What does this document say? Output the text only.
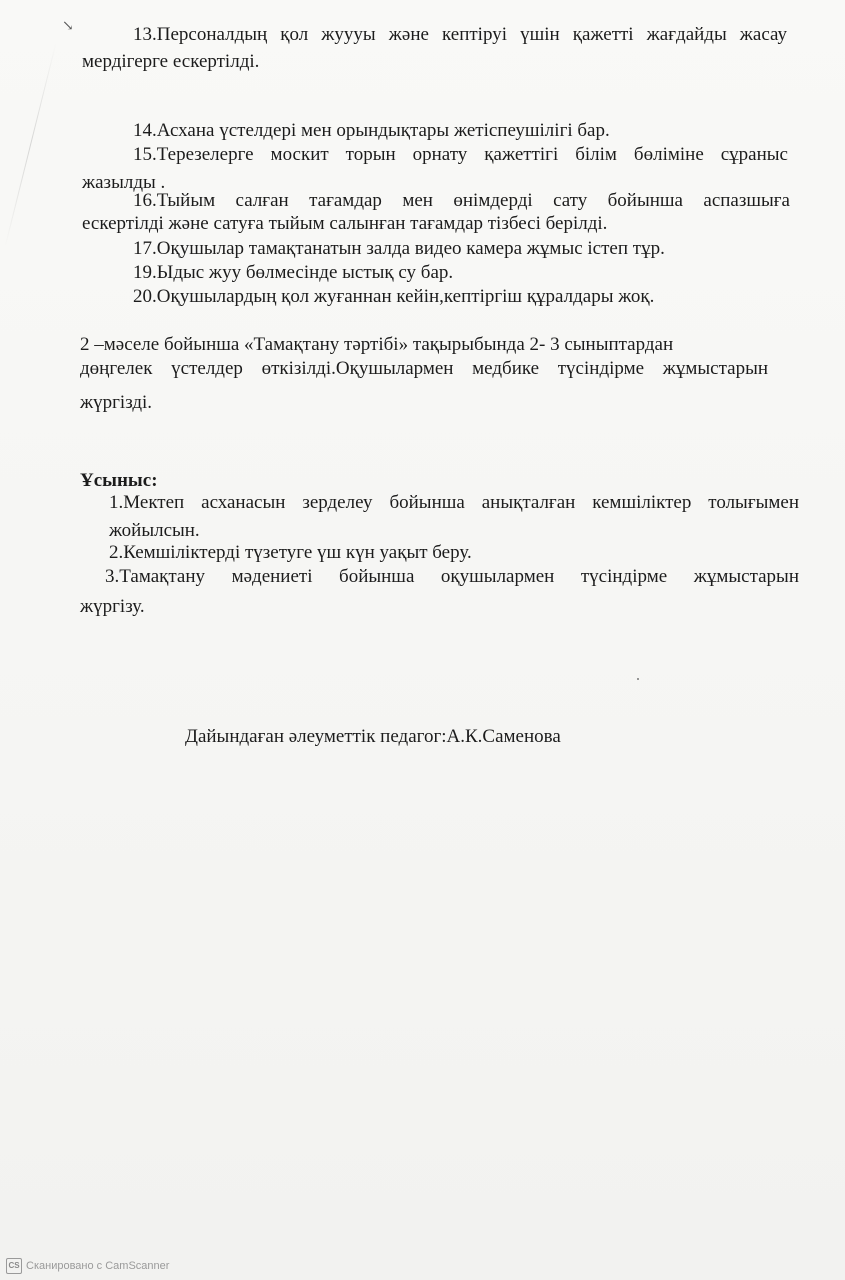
↘	13.Персоналдың қол жуууы және кептіруі үшін қажетті жағдайды жасау
мердігерге ескертілді.
14.Асхана үстелдері мен орындықтары жетіспеушілігі бар.
15.Терезелерге москит торын орнату қажеттігі білім бөліміне сұраныс
жазылды .
16.Тыйым салған тағамдар мен өнімдерді сату бойынша аспазшыға
ескертілді және сатуға тыйым салынған тағамдар тізбесі берілді.
17.Оқушылар тамақтанатын залда видео камера жұмыс істеп тұр.
19.Ыдыс жуу бөлмесінде ыстық су бар.
20.Оқушылардың қол жуғаннан кейін,кептіргіш құралдары жоқ.
2 –мәселе бойынша «Тамақтану тәртібі» тақырыбында 2- 3 сыныптардан
дөңгелек үстелдер өткізілді.Оқушылармен медбике түсіндірме жұмыстарын
жүргізді.
Ұсыныс:
1.Мектеп асханасын зерделеу бойынша анықталған кемшіліктер толығымен
жойылсын.
2.Кемшіліктерді түзетуге үш күн уақыт беру.
3.Тамақтану мәдениеті бойынша оқушылармен түсіндірме жұмыстарын
жүргізу.
Дайындаған әлеуметтік педагог:А.К.Саменова
CS Сканировано с CamScanner
